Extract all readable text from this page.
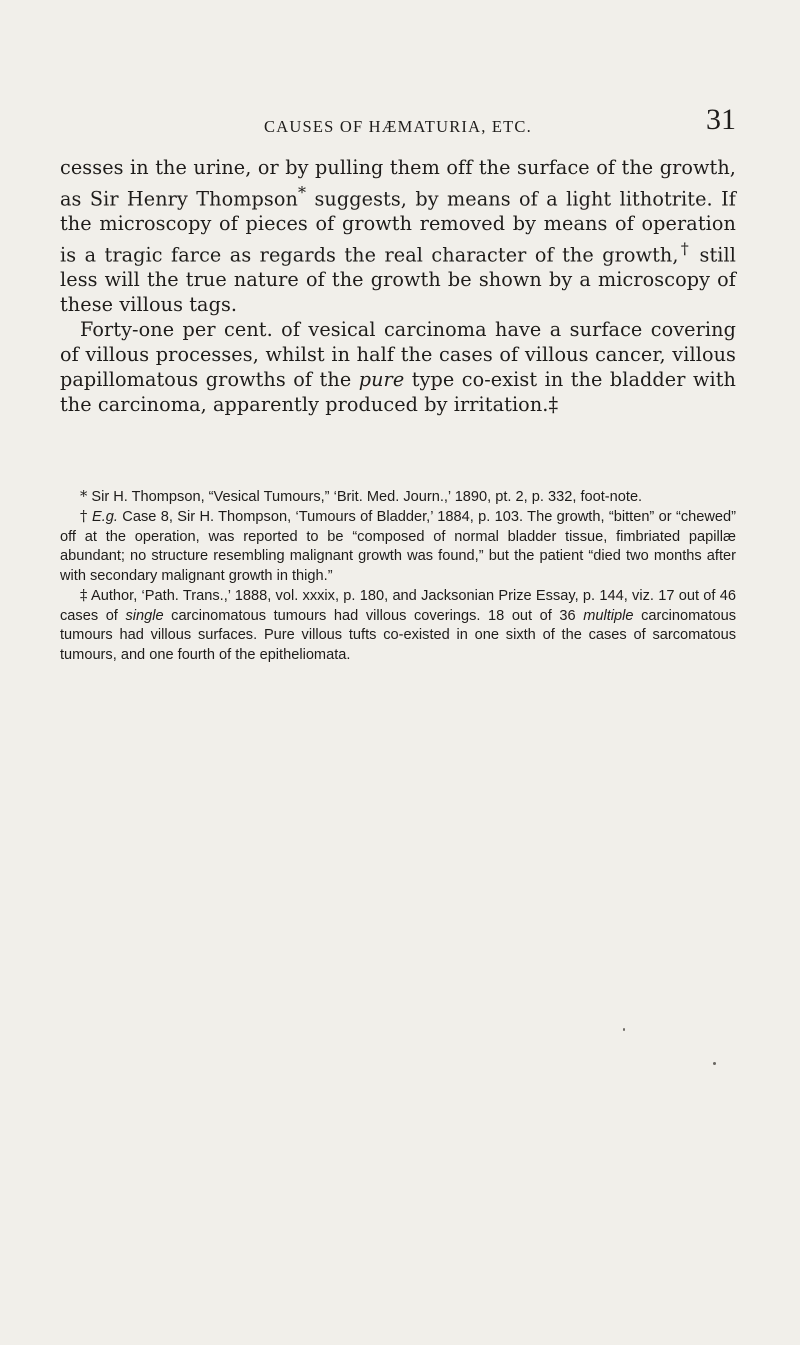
CAUSES OF HÆMATURIA, ETC.	31

cesses in the urine, or by pulling them off the surface of the growth, as Sir Henry Thompson* suggests, by means of a light lithotrite. If the microscopy of pieces of growth removed by means of operation is a tragic farce as regards the real character of the growth,† still less will the true nature of the growth be shown by a microscopy of these villous tags.

Forty-one per cent. of vesical carcinoma have a surface covering of villous processes, whilst in half the cases of villous cancer, villous papillomatous growths of the pure type co-exist in the bladder with the carcinoma, apparently produced by irritation.‡

* Sir H. Thompson, “Vesical Tumours,” ‘Brit. Med. Journ.,’ 1890, pt. 2, p. 332, foot-note.

† E.g. Case 8, Sir H. Thompson, ‘Tumours of Bladder,’ 1884, p. 103. The growth, “bitten” or “chewed” off at the operation, was reported to be “composed of normal bladder tissue, fimbriated papillæ abundant; no structure resembling malignant growth was found,” but the patient “died two months after with secondary malignant growth in thigh.”

‡ Author, ‘Path. Trans.,’ 1888, vol. xxxix, p. 180, and Jacksonian Prize Essay, p. 144, viz. 17 out of 46 cases of single carcinomatous tumours had villous coverings. 18 out of 36 multiple carcinomatous tumours had villous surfaces. Pure villous tufts co-existed in one sixth of the cases of sarcomatous tumours, and one fourth of the epitheliomata.
